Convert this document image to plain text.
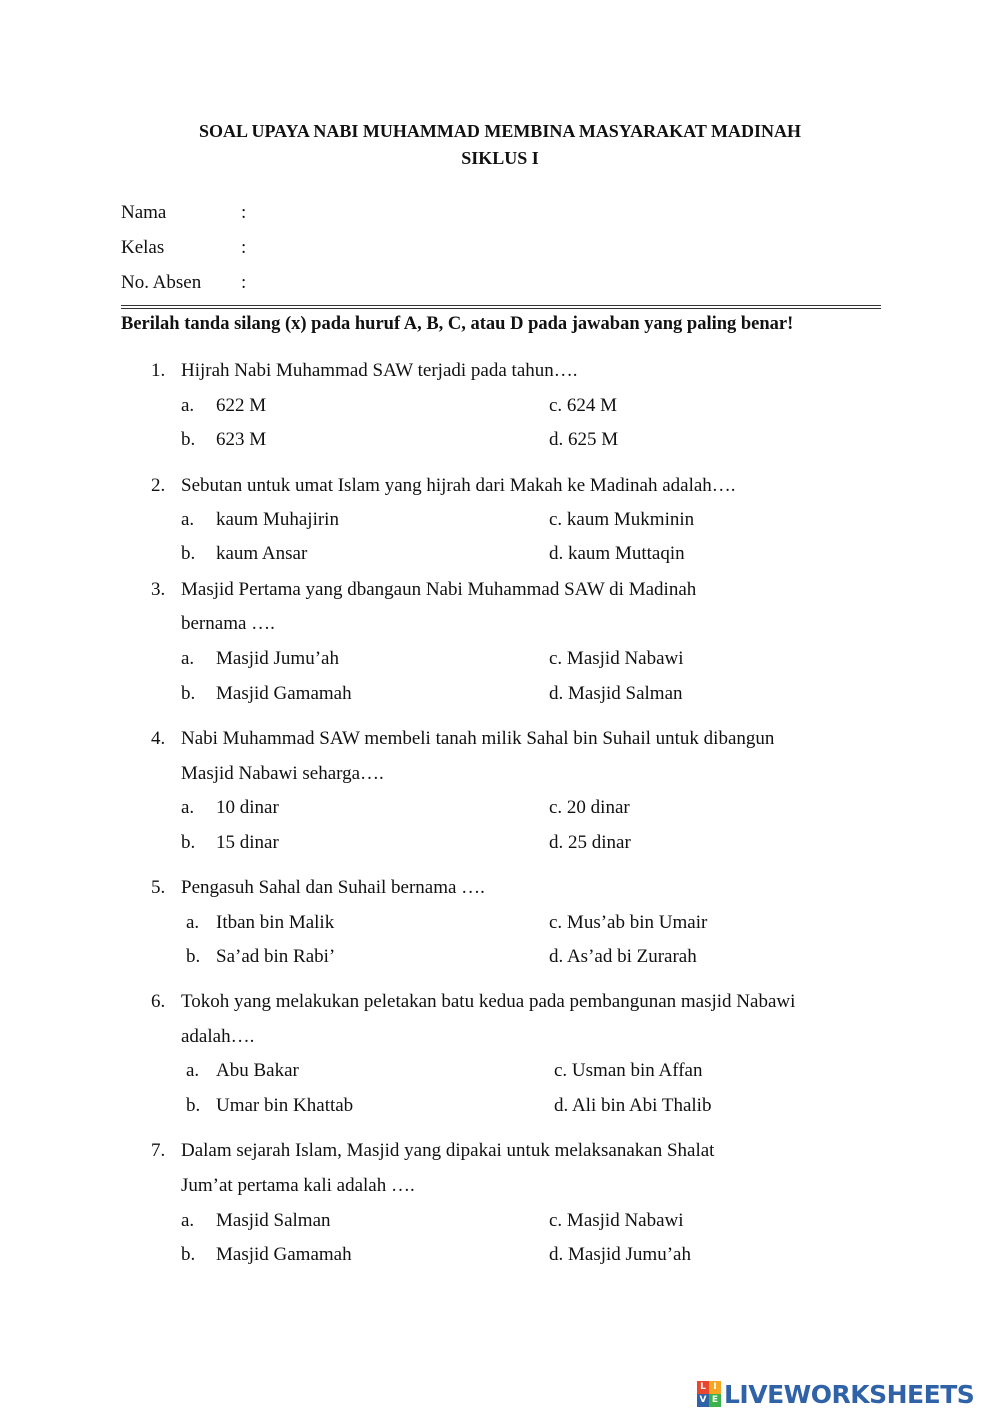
SOAL UPAYA NABI MUHAMMAD MEMBINA MASYARAKAT MADINAH
SIKLUS I
Nama	:
Kelas	:
No. Absen :
Berilah tanda silang (x) pada huruf A, B, C, atau D pada jawaban yang paling benar!
1. Hijrah Nabi Muhammad SAW terjadi pada tahun….
a. 622 M	c. 624 M
b. 623 M	d. 625 M
2. Sebutan untuk umat Islam yang hijrah dari Makah ke Madinah adalah….
a. kaum Muhajirin	c. kaum Mukminin
b. kaum Ansar	d. kaum Muttaqin
3. Masjid Pertama yang dbangaun Nabi Muhammad SAW di Madinah
bernama ….
a. Masjid Jumu’ah	c. Masjid Nabawi
b. Masjid Gamamah	d. Masjid Salman
4. Nabi Muhammad SAW membeli tanah milik Sahal bin Suhail untuk dibangun
Masjid Nabawi seharga….
a. 10 dinar	c. 20 dinar
b. 15 dinar	d. 25 dinar
5. Pengasuh Sahal dan Suhail bernama ….
a. Itban bin Malik	c. Mus’ab bin Umair
b. Sa’ad bin Rabi’	d. As’ad bi Zurarah
6. Tokoh yang melakukan peletakan batu kedua pada pembangunan masjid Nabawi
adalah….
a. Abu Bakar	c. Usman bin Affan
b. Umar bin Khattab	d. Ali bin Abi Thalib
7. Dalam sejarah Islam, Masjid yang dipakai untuk melaksanakan Shalat
Jum’at pertama kali adalah ….
a. Masjid Salman	c. Masjid Nabawi
b. Masjid Gamamah	d. Masjid Jumu’ah
L I
V E LIVEWORKSHEETS
